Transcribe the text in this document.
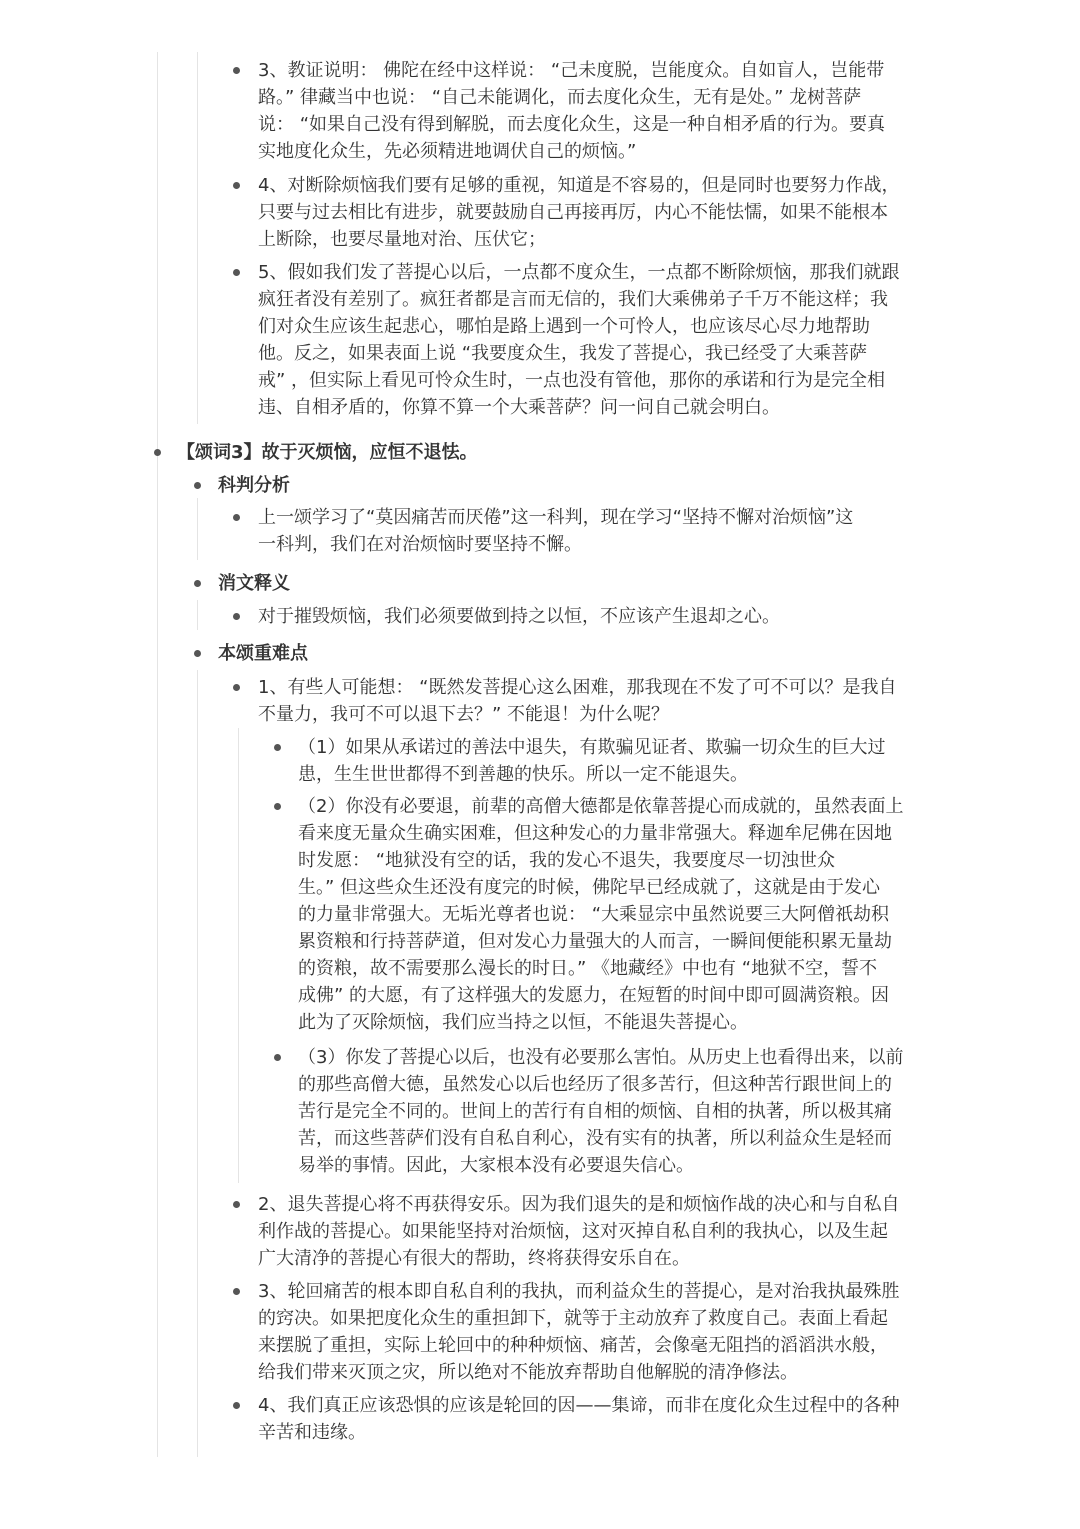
3、教证说明： 佛陀在经中这样说： “己未度脱，岂能度众。自如盲人，岂能带
路。” 律藏当中也说： “自己未能调化，而去度化众生，无有是处。” 龙树菩萨
说： “如果自己没有得到解脱，而去度化众生，这是一种自相矛盾的行为。要真
实地度化众生，先必须精进地调伏自己的烦恼。”
4、对断除烦恼我们要有足够的重视，知道是不容易的，但是同时也要努力作战，
只要与过去相比有进步，就要鼓励自己再接再厉，内心不能怯懦，如果不能根本
上断除，也要尽量地对治、压伏它；
5、假如我们发了菩提心以后，一点都不度众生，一点都不断除烦恼，那我们就跟
疯狂者没有差别了。疯狂者都是言而无信的，我们大乘佛弟子千万不能这样；我
们对众生应该生起悲心，哪怕是路上遇到一个可怜人，也应该尽心尽力地帮助
他。反之，如果表面上说 “我要度众生，我发了菩提心，我已经受了大乘菩萨
戒” ，但实际上看见可怜众生时，一点也没有管他，那你的承诺和行为是完全相
违、自相矛盾的，你算不算一个大乘菩萨？问一问自己就会明白。
【颂词3】故于灭烦恼，应恒不退怯。
科判分析
上一颂学习了“莫因痛苦而厌倦”这一科判，现在学习“坚持不懈对治烦恼”这
一科判，我们在对治烦恼时要坚持不懈。
消文释义
对于摧毁烦恼，我们必须要做到持之以恒，不应该产生退却之心。
本颂重难点
1、有些人可能想： “既然发菩提心这么困难，那我现在不发了可不可以？是我自
不量力，我可不可以退下去？” 不能退！为什么呢？
（1）如果从承诺过的善法中退失，有欺骗见证者、欺骗一切众生的巨大过
患，生生世世都得不到善趣的快乐。所以一定不能退失。
（2）你没有必要退，前辈的高僧大德都是依靠菩提心而成就的，虽然表面上
看来度无量众生确实困难，但这种发心的力量非常强大。释迦牟尼佛在因地
时发愿： “地狱没有空的话，我的发心不退失，我要度尽一切浊世众
生。” 但这些众生还没有度完的时候，佛陀早已经成就了，这就是由于发心
的力量非常强大。无垢光尊者也说： “大乘显宗中虽然说要三大阿僧祇劫积
累资粮和行持菩萨道，但对发心力量强大的人而言，一瞬间便能积累无量劫
的资粮，故不需要那么漫长的时日。” 《地藏经》中也有 “地狱不空，誓不
成佛” 的大愿，有了这样强大的发愿力，在短暂的时间中即可圆满资粮。因
此为了灭除烦恼，我们应当持之以恒，不能退失菩提心。
（3）你发了菩提心以后，也没有必要那么害怕。从历史上也看得出来，以前
的那些高僧大德，虽然发心以后也经历了很多苦行，但这种苦行跟世间上的
苦行是完全不同的。世间上的苦行有自相的烦恼、自相的执著，所以极其痛
苦，而这些菩萨们没有自私自利心，没有实有的执著，所以利益众生是轻而
易举的事情。因此，大家根本没有必要退失信心。
2、退失菩提心将不再获得安乐。因为我们退失的是和烦恼作战的决心和与自私自
利作战的菩提心。如果能坚持对治烦恼，这对灭掉自私自利的我执心，以及生起
广大清净的菩提心有很大的帮助，终将获得安乐自在。
3、轮回痛苦的根本即自私自利的我执，而利益众生的菩提心，是对治我执最殊胜
的窍决。如果把度化众生的重担卸下，就等于主动放弃了救度自己。表面上看起
来摆脱了重担，实际上轮回中的种种烦恼、痛苦，会像毫无阻挡的滔滔洪水般，
给我们带来灭顶之灾，所以绝对不能放弃帮助自他解脱的清净修法。
4、我们真正应该恐惧的应该是轮回的因——集谛，而非在度化众生过程中的各种
辛苦和违缘。
